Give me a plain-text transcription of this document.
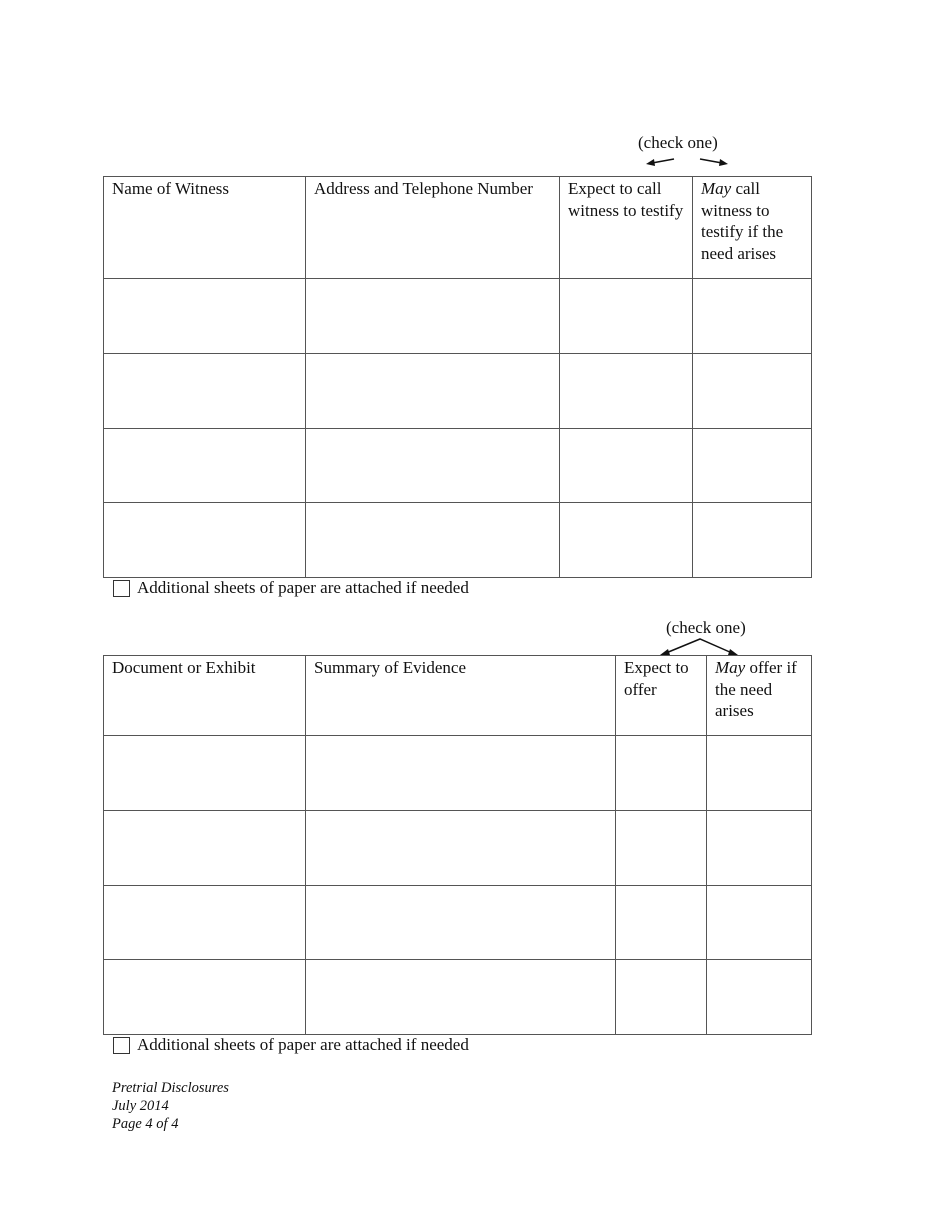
(check one)
Name of Witness	Address and Telephone Number	Expect to call witness to testify	May call witness to testify if the need arises

Additional sheets of paper are attached if needed
(check one)
Document or Exhibit	Summary of Evidence	Expect to offer	May offer if the need arises

Additional sheets of paper are attached if needed
Pretrial Disclosures
July 2014
Page 4 of 4
